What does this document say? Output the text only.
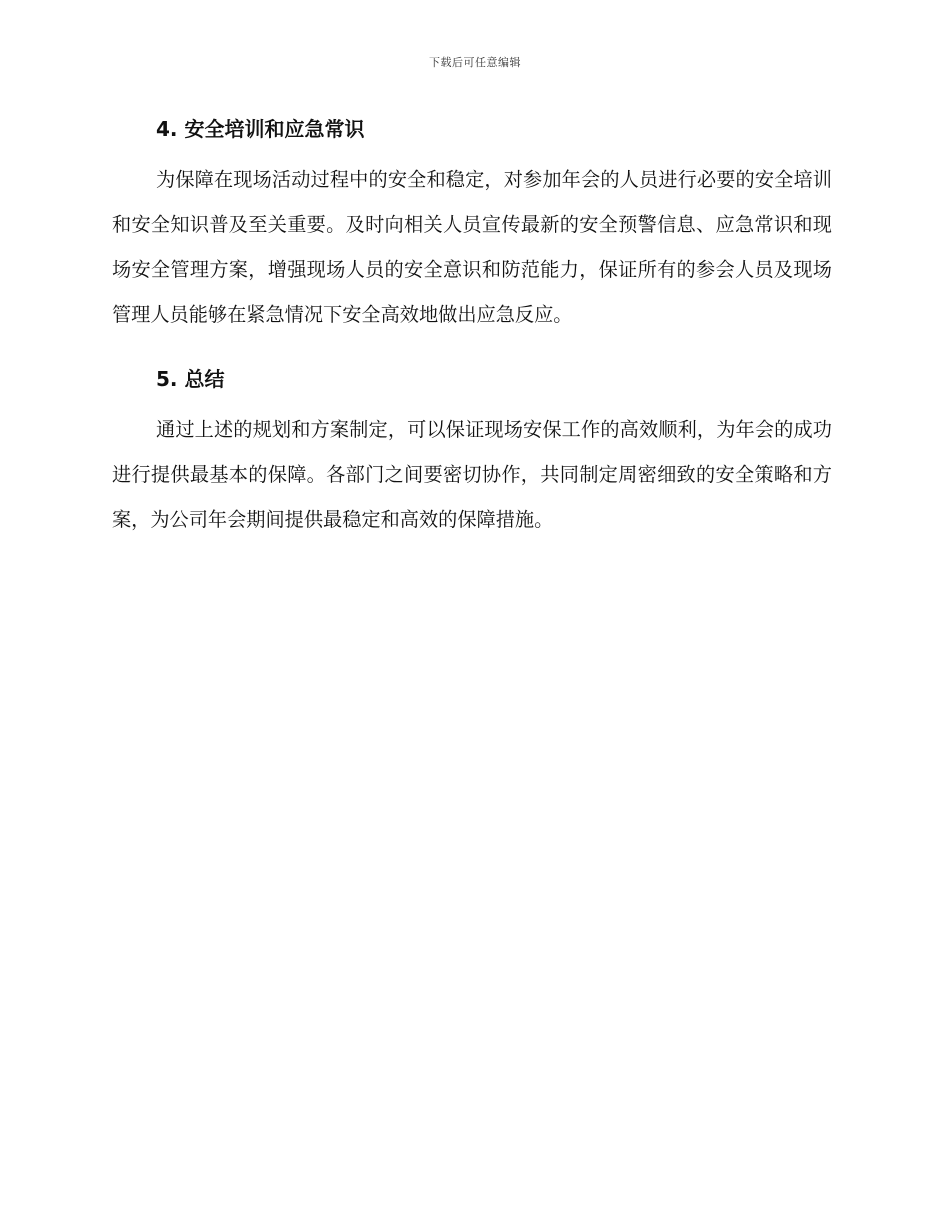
下载后可任意编辑
4. 安全培训和应急常识

为保障在现场活动过程中的安全和稳定，对参加年会的人员进行必要的安全培训和安全知识普及至关重要。及时向相关人员宣传最新的安全预警信息、应急常识和现场安全管理方案，增强现场人员的安全意识和防范能力，保证所有的参会人员及现场管理人员能够在紧急情况下安全高效地做出应急反应。

5. 总结

通过上述的规划和方案制定，可以保证现场安保工作的高效顺利，为年会的成功进行提供最基本的保障。各部门之间要密切协作，共同制定周密细致的安全策略和方案，为公司年会期间提供最稳定和高效的保障措施。
